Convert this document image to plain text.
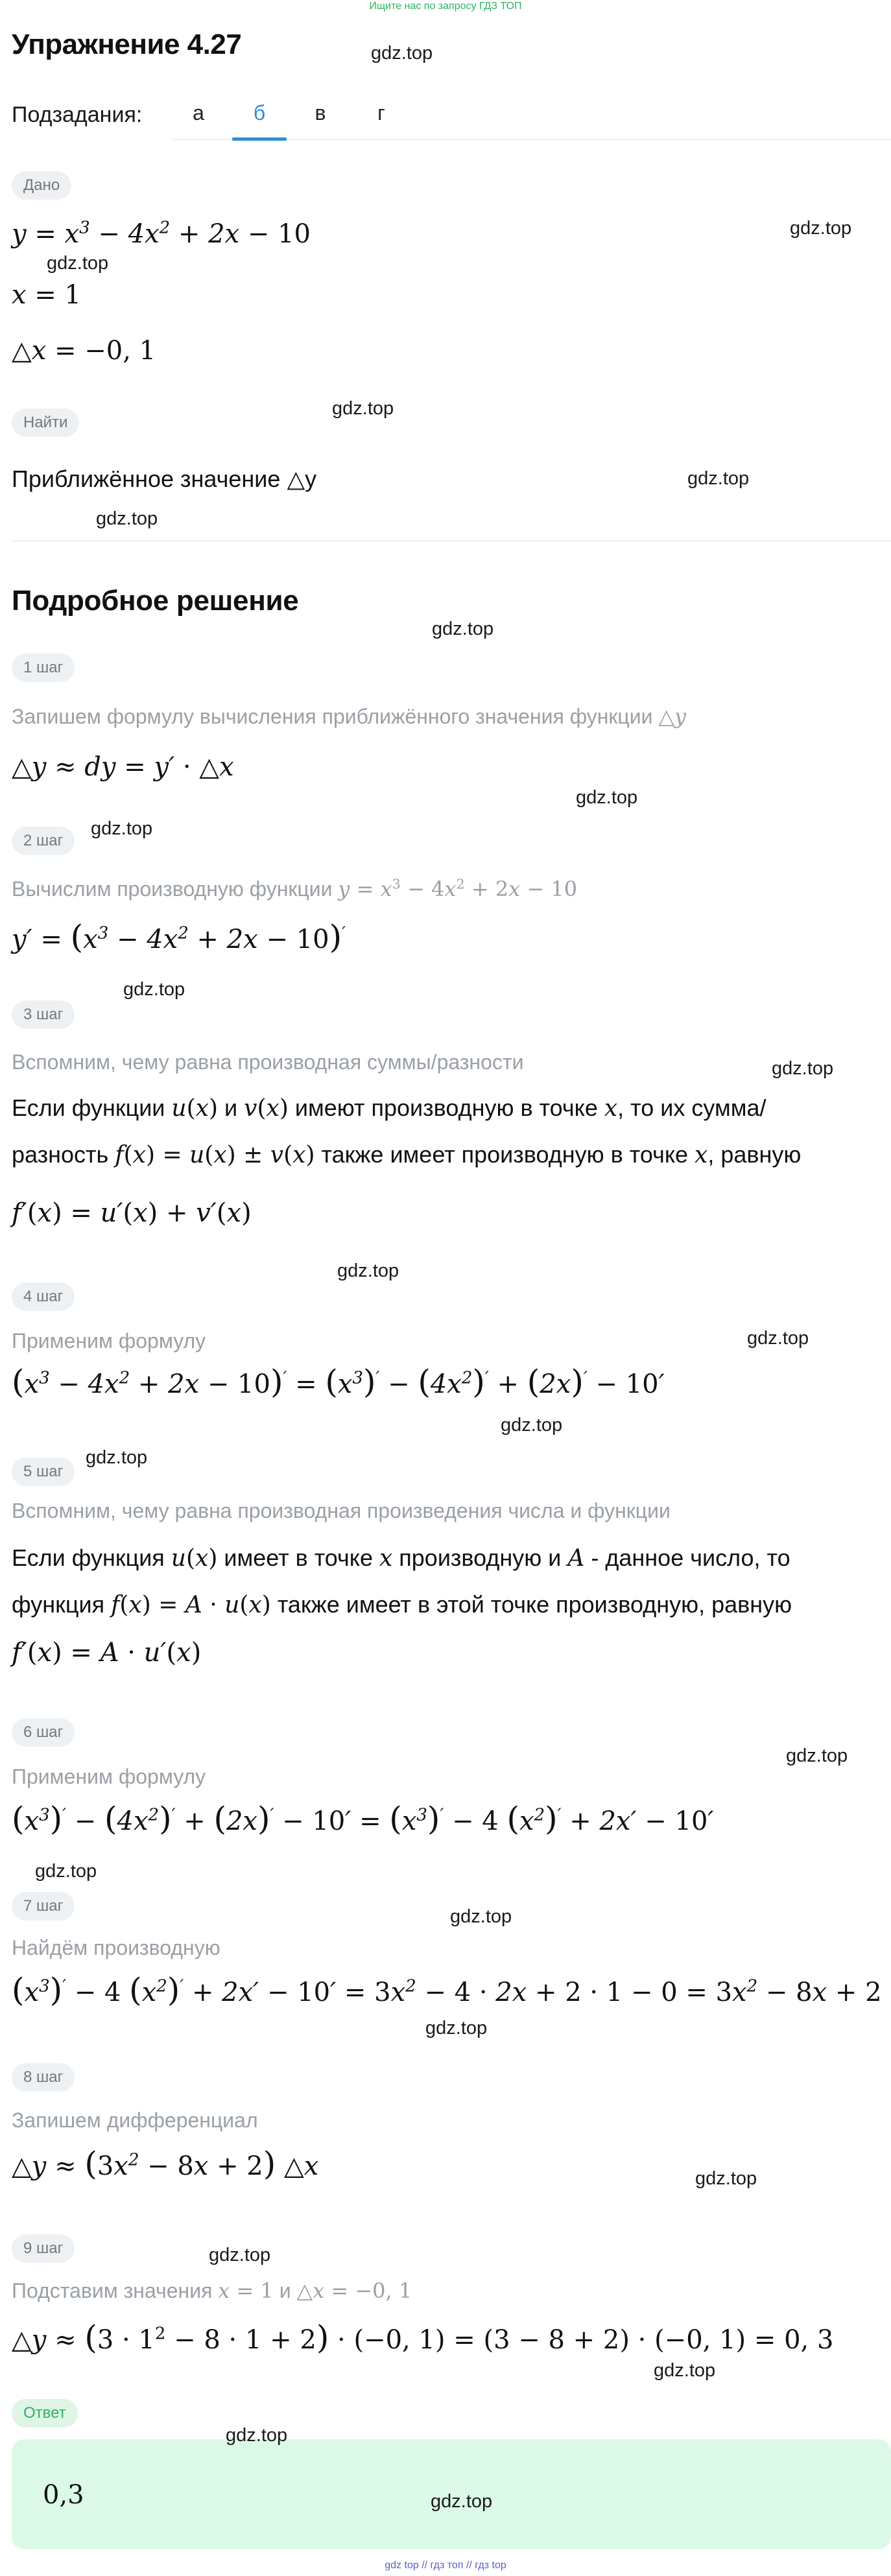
Ищите нас по запросу ГДЗ ТОП
Упражнение 4.27
Подзадания:	а	б	в	г
Дано
$y = x^3 - 4x^2 + 2x - 10$
x = 1
△x = −0, 1
Найти
Приближённое значение △y
Подробное решение
1 шаг
Запишем формулу вычисления приближённого значения функции △y
△y ≈ dy = y′ · △x
2 шаг
Вычислим производную функции $y = x^3 - 4x^2 + 2x - 10$
$y' = (x^3 - 4x^2 + 2x - 10)'$
3 шаг
Вспомним, чему равна производная суммы/разности
Если функции u(x) и v(x) имеют производную в точке x, то их сумма/
разность f(x) = u(x) ± v(x) также имеет производную в точке x, равную
f′(x) = u′(x) + v′(x)
4 шаг
Применим формулу
$(x^3 - 4x^2 + 2x - 10)' = (x^3)' - (4x^2)' + (2x)' - 10'$
5 шаг
Вспомним, чему равна производная произведения числа и функции
Если функция u(x) имеет в точке x производную и A - данное число, то
функция f(x) = A · u(x) также имеет в этой точке производную, равную
f′(x) = A · u′(x)
6 шаг
Применим формулу
$(x^3)' - (4x^2)' + (2x)' - 10' = (x^3)' - 4$ $(x^2)' + 2x' - 10'$
7 шаг
Найдём производную
$(x^3)' - 4$ $(x^2)' + 2x' - 10' = 3x^2 - 4 \cdot 2x + 2 \cdot 1 - 0 = 3x^2 - 8x + 2$
8 шаг
Запишем дифференциал
△y ≈ $(3x^2 - 8x + 2)$ △x
9 шаг
Подставим значения x = 1 и △x = −0, 1
△y ≈ $(3 \cdot 1^2 - 8 \cdot 1 + 2) \cdot (-0$, 1) = (3 − 8 + 2) · (−0, 1) = 0, 3
Ответ
0,3
gdz.top
gdz.top
gdz.top
gdz.top
gdz.top
gdz.top
gdz.top
gdz.top
gdz.top
gdz.top
gdz.top
gdz.top
gdz.top
gdz.top
gdz.top
gdz.top
gdz.top
gdz.top
gdz.top
gdz.top
gdz.top
gdz.top
gdz.top
gdz.top
gdz top // гдз топ // гдз top
